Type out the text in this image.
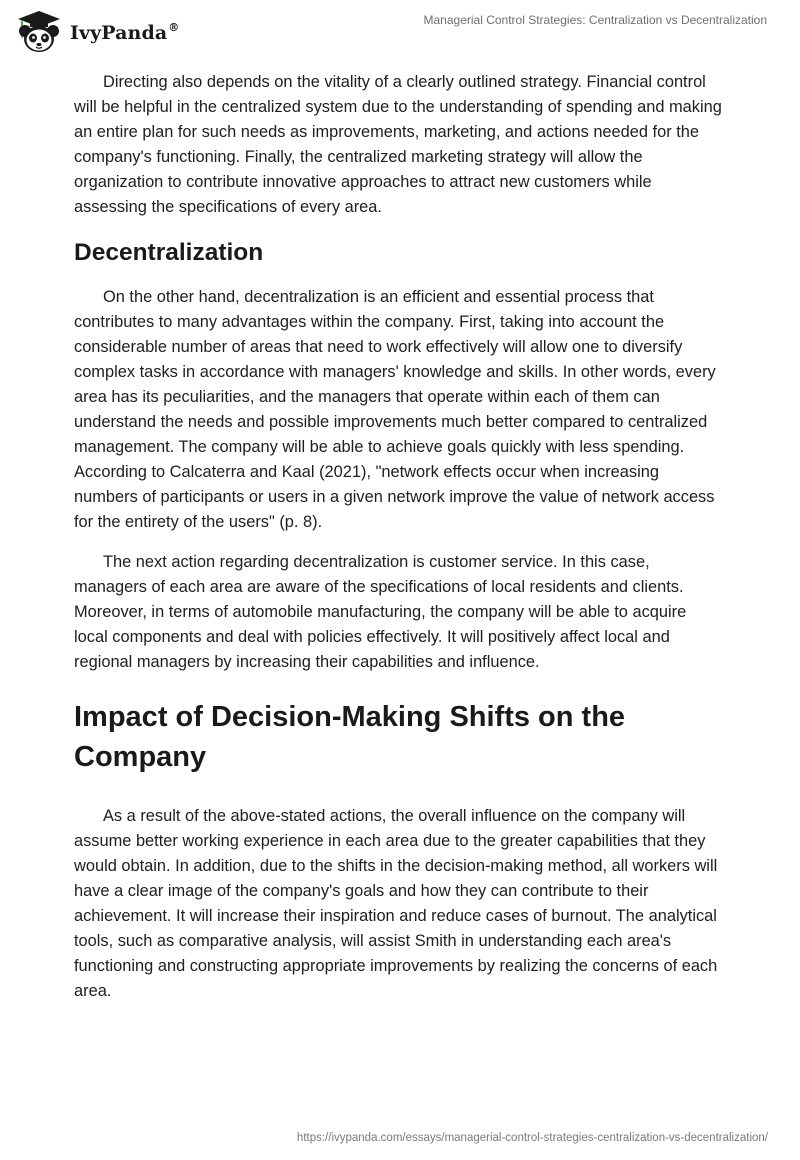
IvyPanda®	Managerial Control Strategies: Centralization vs Decentralization

Directing also depends on the vitality of a clearly outlined strategy. Financial control will be helpful in the centralized system due to the understanding of spending and making an entire plan for such needs as improvements, marketing, and actions needed for the company's functioning. Finally, the centralized marketing strategy will allow the organization to contribute innovative approaches to attract new customers while assessing the specifications of every area.

Decentralization

On the other hand, decentralization is an efficient and essential process that contributes to many advantages within the company. First, taking into account the considerable number of areas that need to work effectively will allow one to diversify complex tasks in accordance with managers' knowledge and skills. In other words, every area has its peculiarities, and the managers that operate within each of them can understand the needs and possible improvements much better compared to centralized management. The company will be able to achieve goals quickly with less spending. According to Calcaterra and Kaal (2021), "network effects occur when increasing numbers of participants or users in a given network improve the value of network access for the entirety of the users" (p. 8).

The next action regarding decentralization is customer service. In this case, managers of each area are aware of the specifications of local residents and clients. Moreover, in terms of automobile manufacturing, the company will be able to acquire local components and deal with policies effectively. It will positively affect local and regional managers by increasing their capabilities and influence.

Impact of Decision-Making Shifts on the Company

As a result of the above-stated actions, the overall influence on the company will assume better working experience in each area due to the greater capabilities that they would obtain. In addition, due to the shifts in the decision-making method, all workers will have a clear image of the company's goals and how they can contribute to their achievement. It will increase their inspiration and reduce cases of burnout. The analytical tools, such as comparative analysis, will assist Smith in understanding each area's functioning and constructing appropriate improvements by realizing the concerns of each area.

https://ivypanda.com/essays/managerial-control-strategies-centralization-vs-decentralization/
